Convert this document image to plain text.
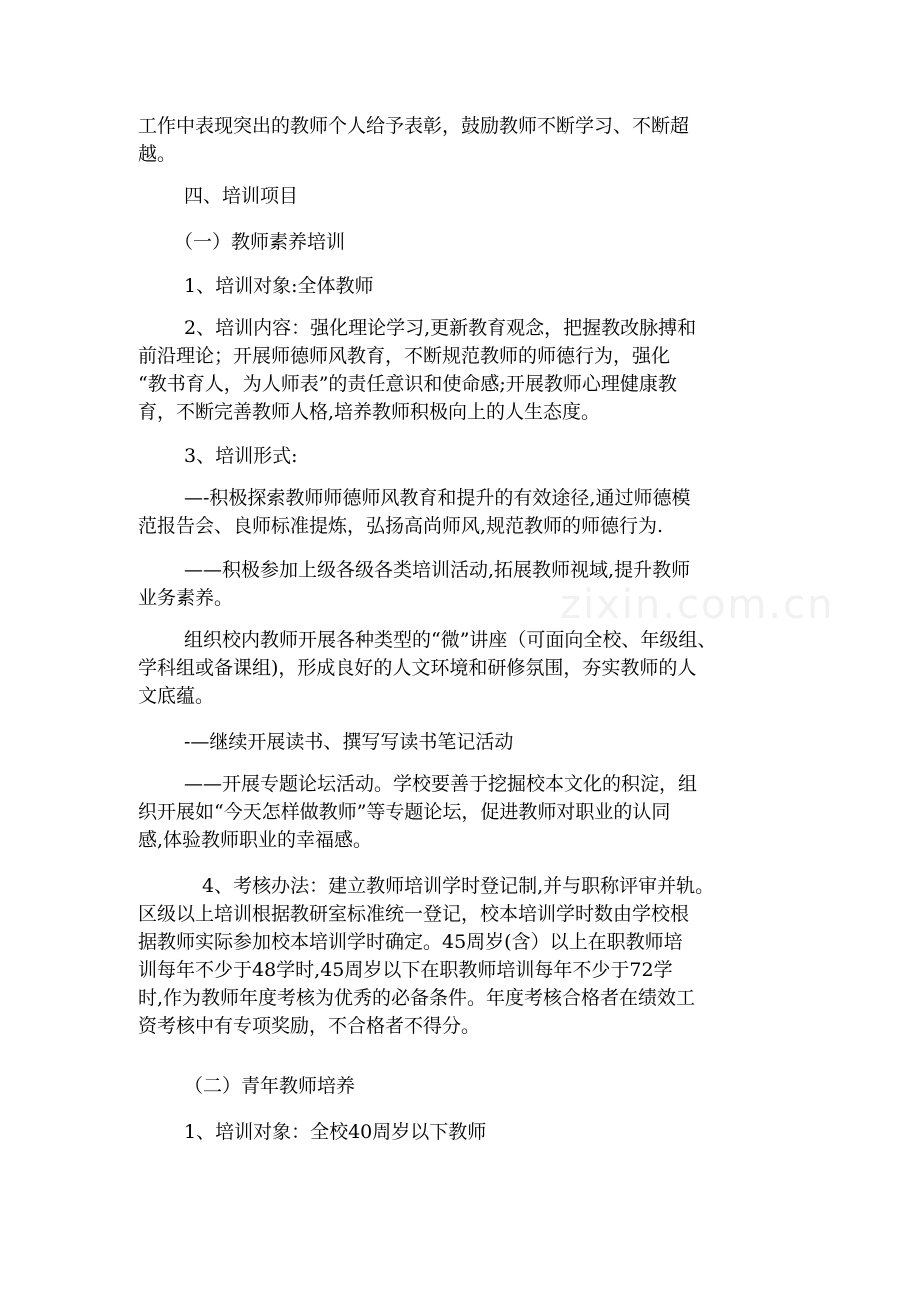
zixin.com.cn
工作中表现突出的教师个人给予表彰，鼓励教师不断学习、不断超
越。
四、培训项目
（一）教师素养培训
1、培训对象:全体教师
2、培训内容：强化理论学习,更新教育观念，把握教改脉搏和
前沿理论；开展师德师风教育，不断规范教师的师德行为，强化
“教书育人，为人师表”的责任意识和使命感;开展教师心理健康教
育，不断完善教师人格,培养教师积极向上的人生态度。
3、培训形式:
—-积极探索教师师德师风教育和提升的有效途径,通过师德模
范报告会、良师标准提炼，弘扬高尚师风,规范教师的师德行为.
——积极参加上级各级各类培训活动,拓展教师视域,提升教师
业务素养。
组织校内教师开展各种类型的“微”讲座（可面向全校、年级组、
学科组或备课组)，形成良好的人文环境和研修氛围，夯实教师的人
文底蕴。
-—继续开展读书、撰写写读书笔记活动
——开展专题论坛活动。学校要善于挖掘校本文化的积淀，组
织开展如“今天怎样做教师”等专题论坛，促进教师对职业的认同
感,体验教师职业的幸福感。
4、考核办法：建立教师培训学时登记制,并与职称评审并轨。
区级以上培训根据教研室标准统一登记，校本培训学时数由学校根
据教师实际参加校本培训学时确定。45周岁(含）以上在职教师培
训每年不少于48学时,45周岁以下在职教师培训每年不少于72学
时,作为教师年度考核为优秀的必备条件。年度考核合格者在绩效工
资考核中有专项奖励，不合格者不得分。
（二）青年教师培养
1、培训对象：全校40周岁以下教师
